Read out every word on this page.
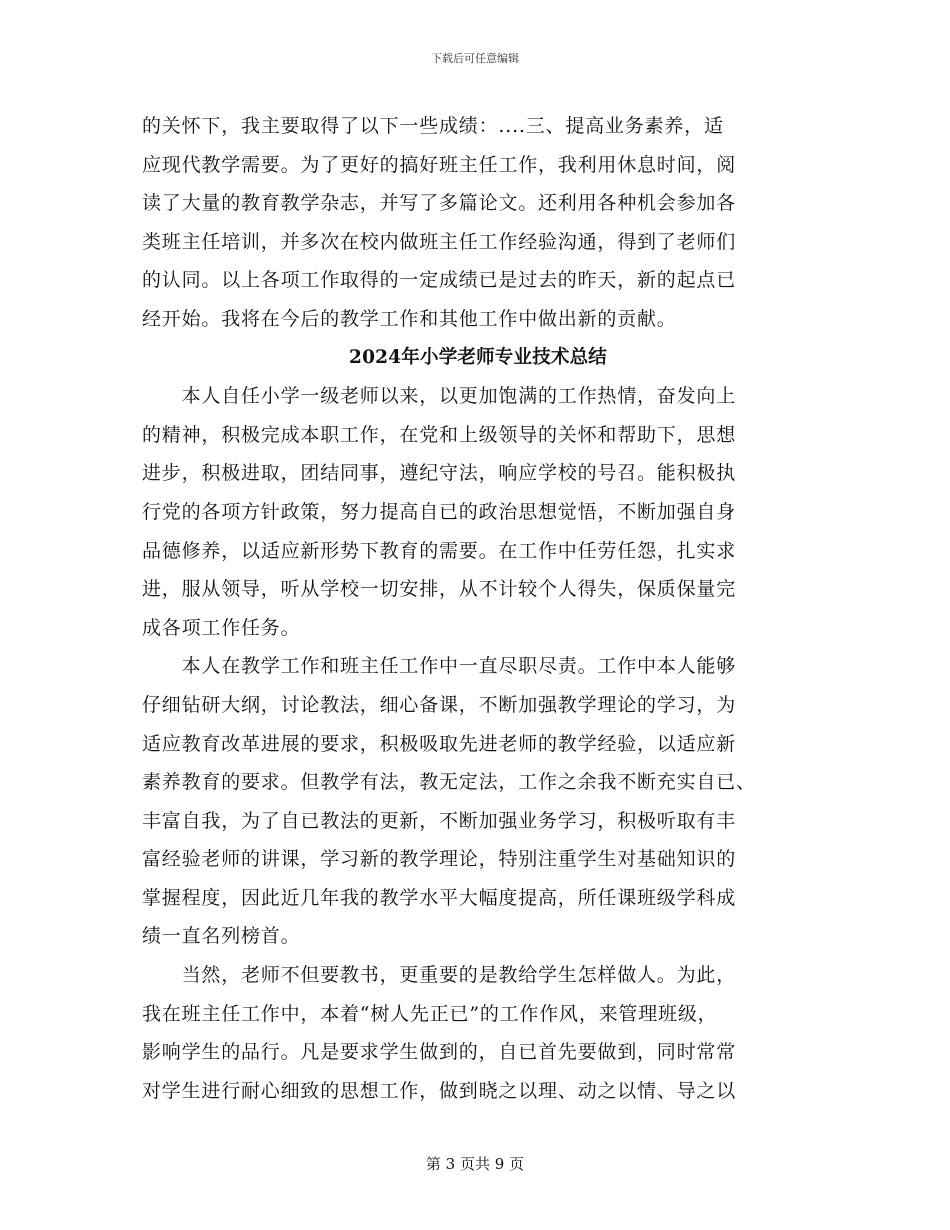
下载后可任意编辑
的关怀下，我主要取得了以下一些成绩：....三、提高业务素养，适
应现代教学需要。为了更好的搞好班主任工作，我利用休息时间，阅
读了大量的教育教学杂志，并写了多篇论文。还利用各种机会参加各
类班主任培训，并多次在校内做班主任工作经验沟通，得到了老师们
的认同。以上各项工作取得的一定成绩已是过去的昨天，新的起点已
经开始。我将在今后的教学工作和其他工作中做出新的贡献。
2024年小学老师专业技术总结
　　本人自任小学一级老师以来，以更加饱满的工作热情，奋发向上
的精神，积极完成本职工作，在党和上级领导的关怀和帮助下，思想
进步，积极进取，团结同事，遵纪守法，响应学校的号召。能积极执
行党的各项方针政策，努力提高自已的政治思想觉悟，不断加强自身
品德修养，以适应新形势下教育的需要。在工作中任劳任怨，扎实求
进，服从领导，听从学校一切安排，从不计较个人得失，保质保量完
成各项工作任务。
　　本人在教学工作和班主任工作中一直尽职尽责。工作中本人能够
仔细钻研大纲，讨论教法，细心备课，不断加强教学理论的学习，为
适应教育改革进展的要求，积极吸取先进老师的教学经验，以适应新
素养教育的要求。但教学有法，教无定法，工作之余我不断充实自已、
丰富自我，为了自已教法的更新，不断加强业务学习，积极听取有丰
富经验老师的讲课，学习新的教学理论，特别注重学生对基础知识的
掌握程度，因此近几年我的教学水平大幅度提高，所任课班级学科成
绩一直名列榜首。
　　当然，老师不但要教书，更重要的是教给学生怎样做人。为此，
我在班主任工作中，本着“树人先正已”的工作作风，来管理班级，
影响学生的品行。凡是要求学生做到的，自已首先要做到，同时常常
对学生进行耐心细致的思想工作，做到晓之以理、动之以情、导之以
第 3 页共 9 页
